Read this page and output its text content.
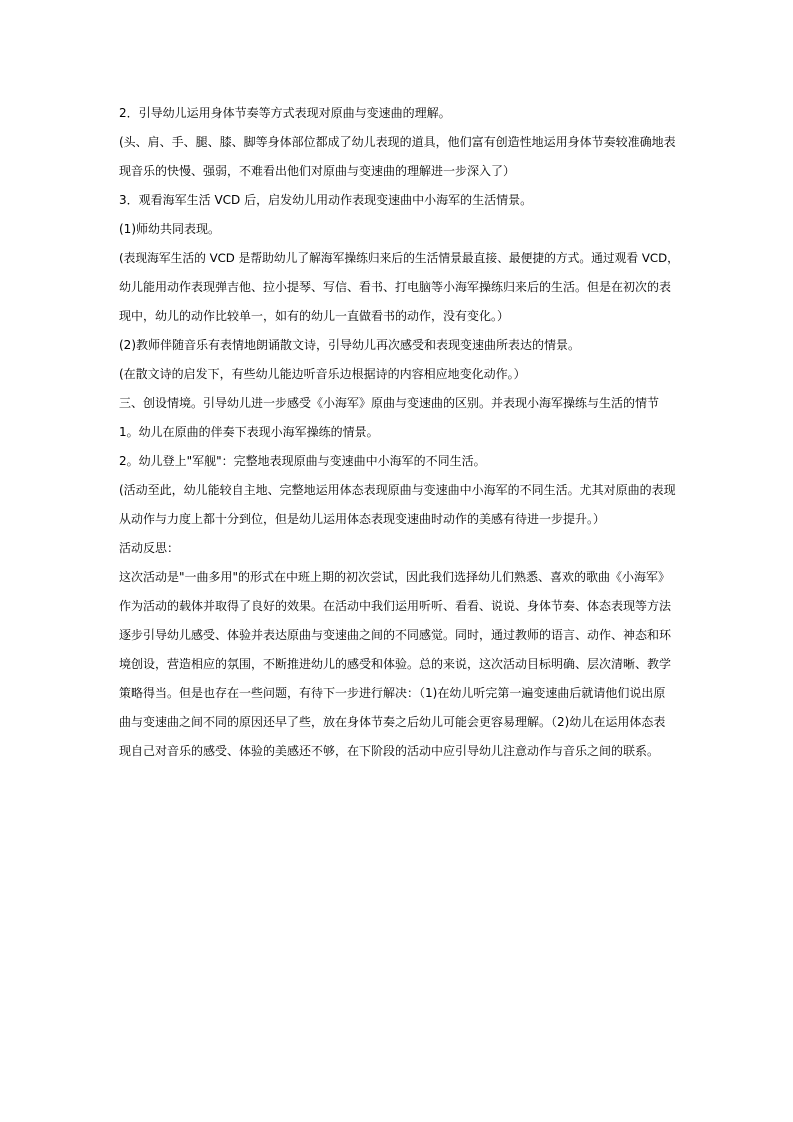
2．引导幼儿运用身体节奏等方式表现对原曲与变速曲的理解。
(头、肩、手、腿、膝、脚等身体部位都成了幼儿表现的道具，他们富有创造性地运用身体节奏较准确地表
现音乐的快慢、强弱，不难看出他们对原曲与变速曲的理解进一步深入了）
3．观看海军生活 VCD 后，启发幼儿用动作表现变速曲中小海军的生活情景。
(1)师幼共同表现。
(表现海军生活的 VCD 是帮助幼儿了解海军操练归来后的生活情景最直接、最便捷的方式。通过观看 VCD，
幼儿能用动作表现弹吉他、拉小提琴、写信、看书、打电脑等小海军操练归来后的生活。但是在初次的表
现中，幼儿的动作比较单一，如有的幼儿一直做看书的动作，没有变化。）
(2)教师伴随音乐有表情地朗诵散文诗，引导幼儿再次感受和表现变速曲所表达的情景。
(在散文诗的启发下，有些幼儿能边听音乐边根据诗的内容相应地变化动作。）
三、创设情境。引导幼儿进一步感受《小海军》原曲与变速曲的区别。并表现小海军操练与生活的情节
1。幼儿在原曲的伴奏下表现小海军操练的情景。
2。幼儿登上"军舰"：完整地表现原曲与变速曲中小海军的不同生活。
(活动至此，幼儿能较自主地、完整地运用体态表现原曲与变速曲中小海军的不同生活。尤其对原曲的表现
从动作与力度上都十分到位，但是幼儿运用体态表现变速曲时动作的美感有待进一步提升。）
活动反思：
这次活动是"一曲多用"的形式在中班上期的初次尝试，因此我们选择幼儿们熟悉、喜欢的歌曲《小海军》
作为活动的载体并取得了良好的效果。在活动中我们运用听听、看看、说说、身体节奏、体态表现等方法
逐步引导幼儿感受、体验并表达原曲与变速曲之间的不同感觉。同时，通过教师的语言、动作、神态和环
境创设，营造相应的氛围，不断推进幼儿的感受和体验。总的来说，这次活动目标明确、层次清晰、教学
策略得当。但是也存在一些问题，有待下一步进行解决：（1)在幼儿听完第一遍变速曲后就请他们说出原
曲与变速曲之间不同的原因还早了些，放在身体节奏之后幼儿可能会更容易理解。（2)幼儿在运用体态表
现自己对音乐的感受、体验的美感还不够，在下阶段的活动中应引导幼儿注意动作与音乐之间的联系。
